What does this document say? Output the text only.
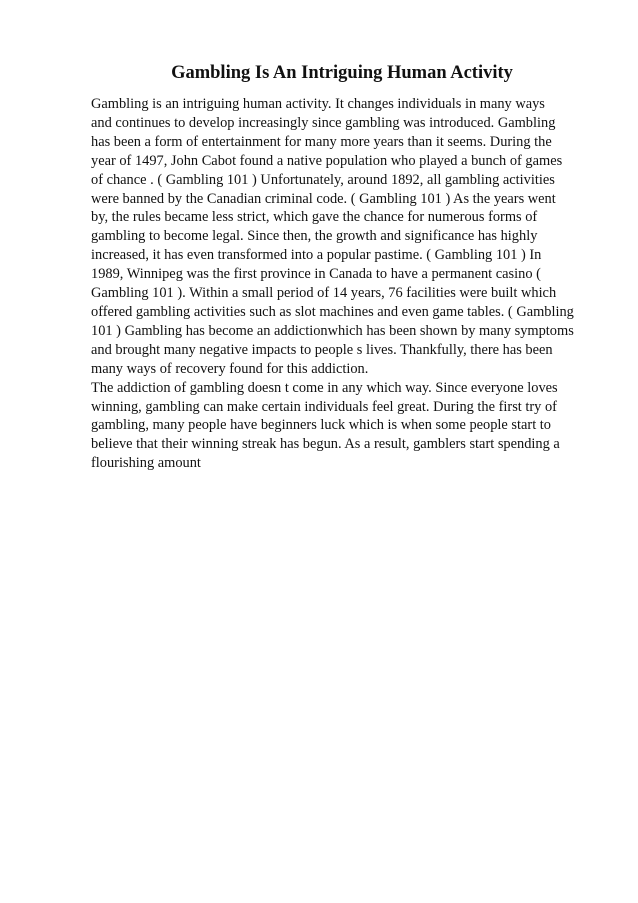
Gambling Is An Intriguing Human Activity
Gambling is an intriguing human activity. It changes individuals in many ways
and continues to develop increasingly since gambling was introduced. Gambling
has been a form of entertainment for many more years than it seems. During the
year of 1497, John Cabot found a native population who played a bunch of games
of chance . ( Gambling 101 ) Unfortunately, around 1892, all gambling activities
were banned by the Canadian criminal code. ( Gambling 101 ) As the years went
by, the rules became less strict, which gave the chance for numerous forms of
gambling to become legal. Since then, the growth and significance has highly
increased, it has even transformed into a popular pastime. ( Gambling 101 ) In
1989, Winnipeg was the first province in Canada to have a permanent casino (
Gambling 101 ). Within a small period of 14 years, 76 facilities were built which
offered gambling activities such as slot machines and even game tables. ( Gambling
101 ) Gambling has become an addictionwhich has been shown by many symptoms
and brought many negative impacts to people s lives. Thankfully, there has been
many ways of recovery found for this addiction.
The addiction of gambling doesn t come in any which way. Since everyone loves
winning, gambling can make certain individuals feel great. During the first try of
gambling, many people have beginners luck which is when some people start to
believe that their winning streak has begun. As a result, gamblers start spending a
flourishing amount
